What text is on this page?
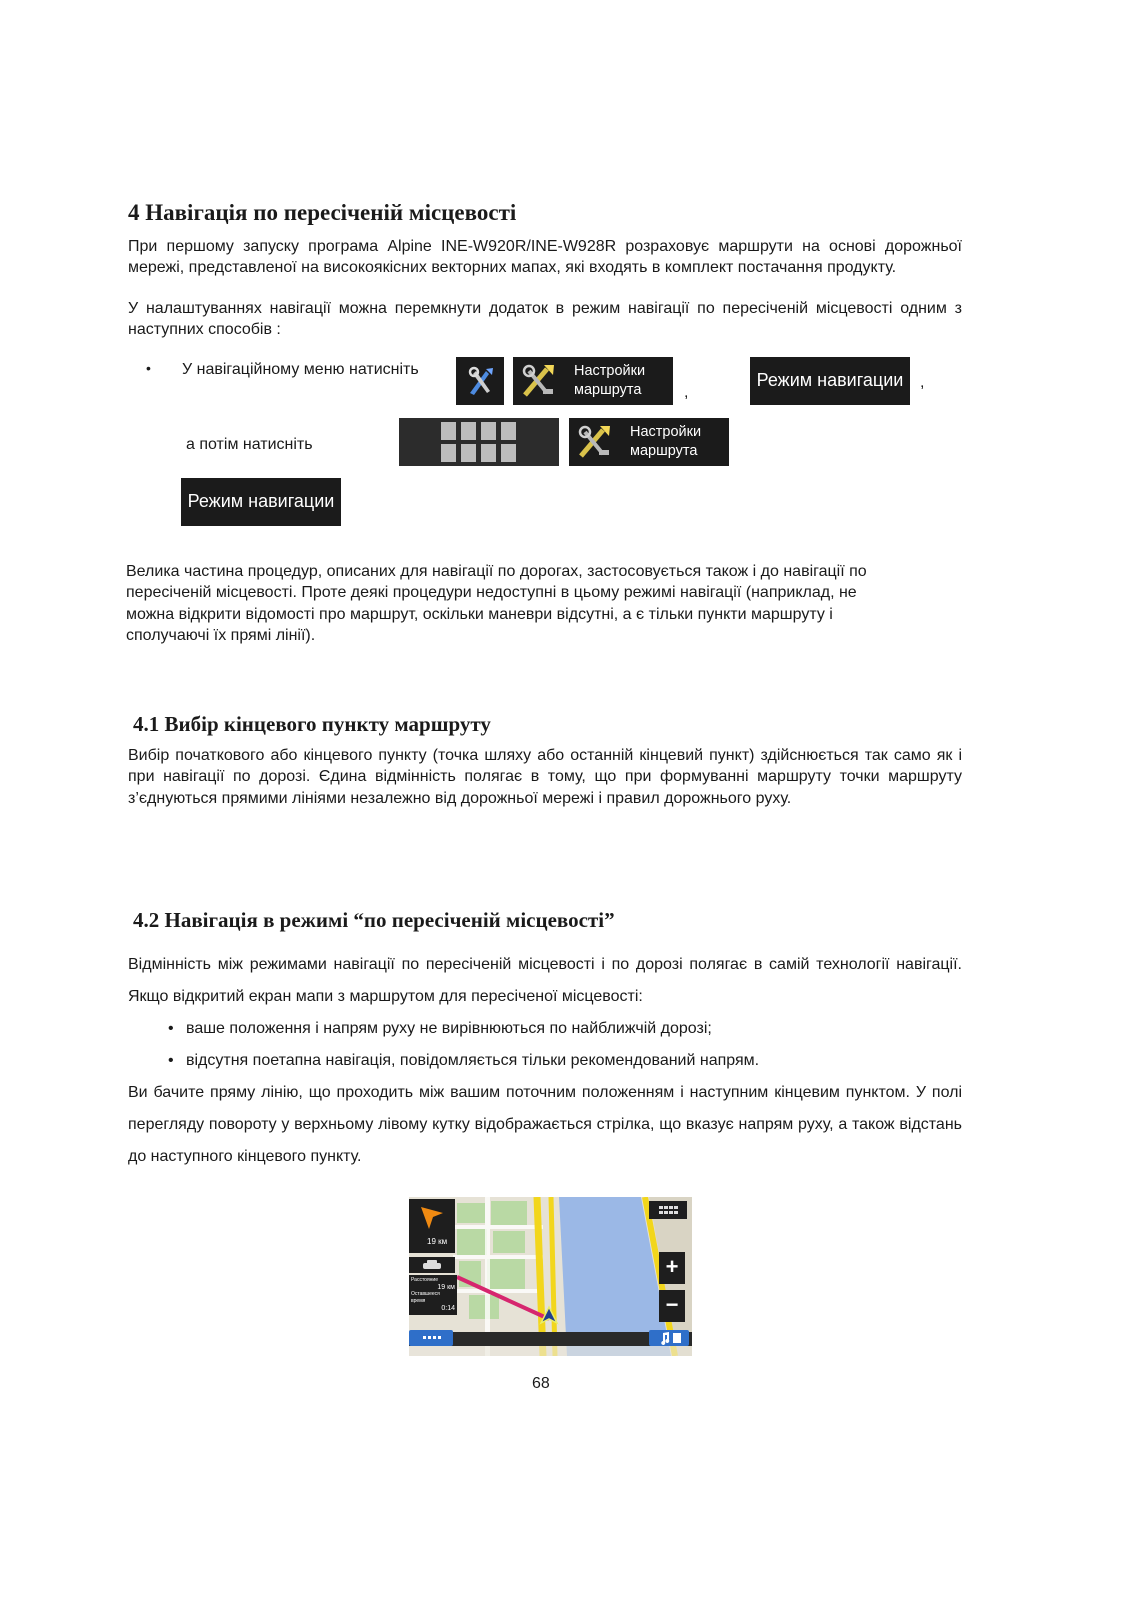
4 Навігація по пересіченій місцевості
При першому запуску програма Alpine INE-W920R/INE-W928R розраховує маршрути на основі дорожньої мережі, представленої на високоякісних векторних мапах, які входять в комплект постачання продукту.
У налаштуваннях навігації можна перемкнути додаток в режим навігації по пересіченій місцевості одним з наступних способів :
• У навігаційному меню натисніть	Настройки
маршрута	,
Режим навигации	,
а потім натисніть
Настройки
маршрута
Режим навигации
Велика частина процедур, описаних для навігації по дорогах, застосовується також і до навігації по пересіченій місцевості. Проте деякі процедури недоступні в цьому режимі навігації (наприклад, не можна відкрити відомості про маршрут, оскільки маневри відсутні, а є тільки пункти маршруту і сполучаючі їх прямі лінії).
4.1 Вибір кінцевого пункту маршруту
Вибір початкового або кінцевого пункту (точка шляху або останній кінцевий пункт) здійснюється так само як і при навігації по дорозі. Єдина відмінність полягає в тому, що при формуванні маршруту точки маршруту з’єднуються прямими лініями незалежно від дорожньої мережі і правил дорожнього руху.
4.2 Навігація в режимі “по пересіченій місцевості”
Відмінність між режимами навігації по пересіченій місцевості і по дорозі полягає в самій технології навігації. Якщо відкритий екран мапи з маршрутом для пересіченої місцевості:
• ваше положення і напрям руху не вирівнюються по найближчій дорозі;
• відсутня поетапна навігація, повідомляється тільки рекомендований напрям.
Ви бачите пряму лінію, що проходить між вашим поточним положенням і наступним кінцевим пунктом. У полі перегляду повороту у верхньому лівому кутку відображається стрілка, що вказує напрям руху, а також відстань до наступного кінцевого пункту.
19 км
Расстояние
19 км
Оставшееся время
0:14
+
−
68
